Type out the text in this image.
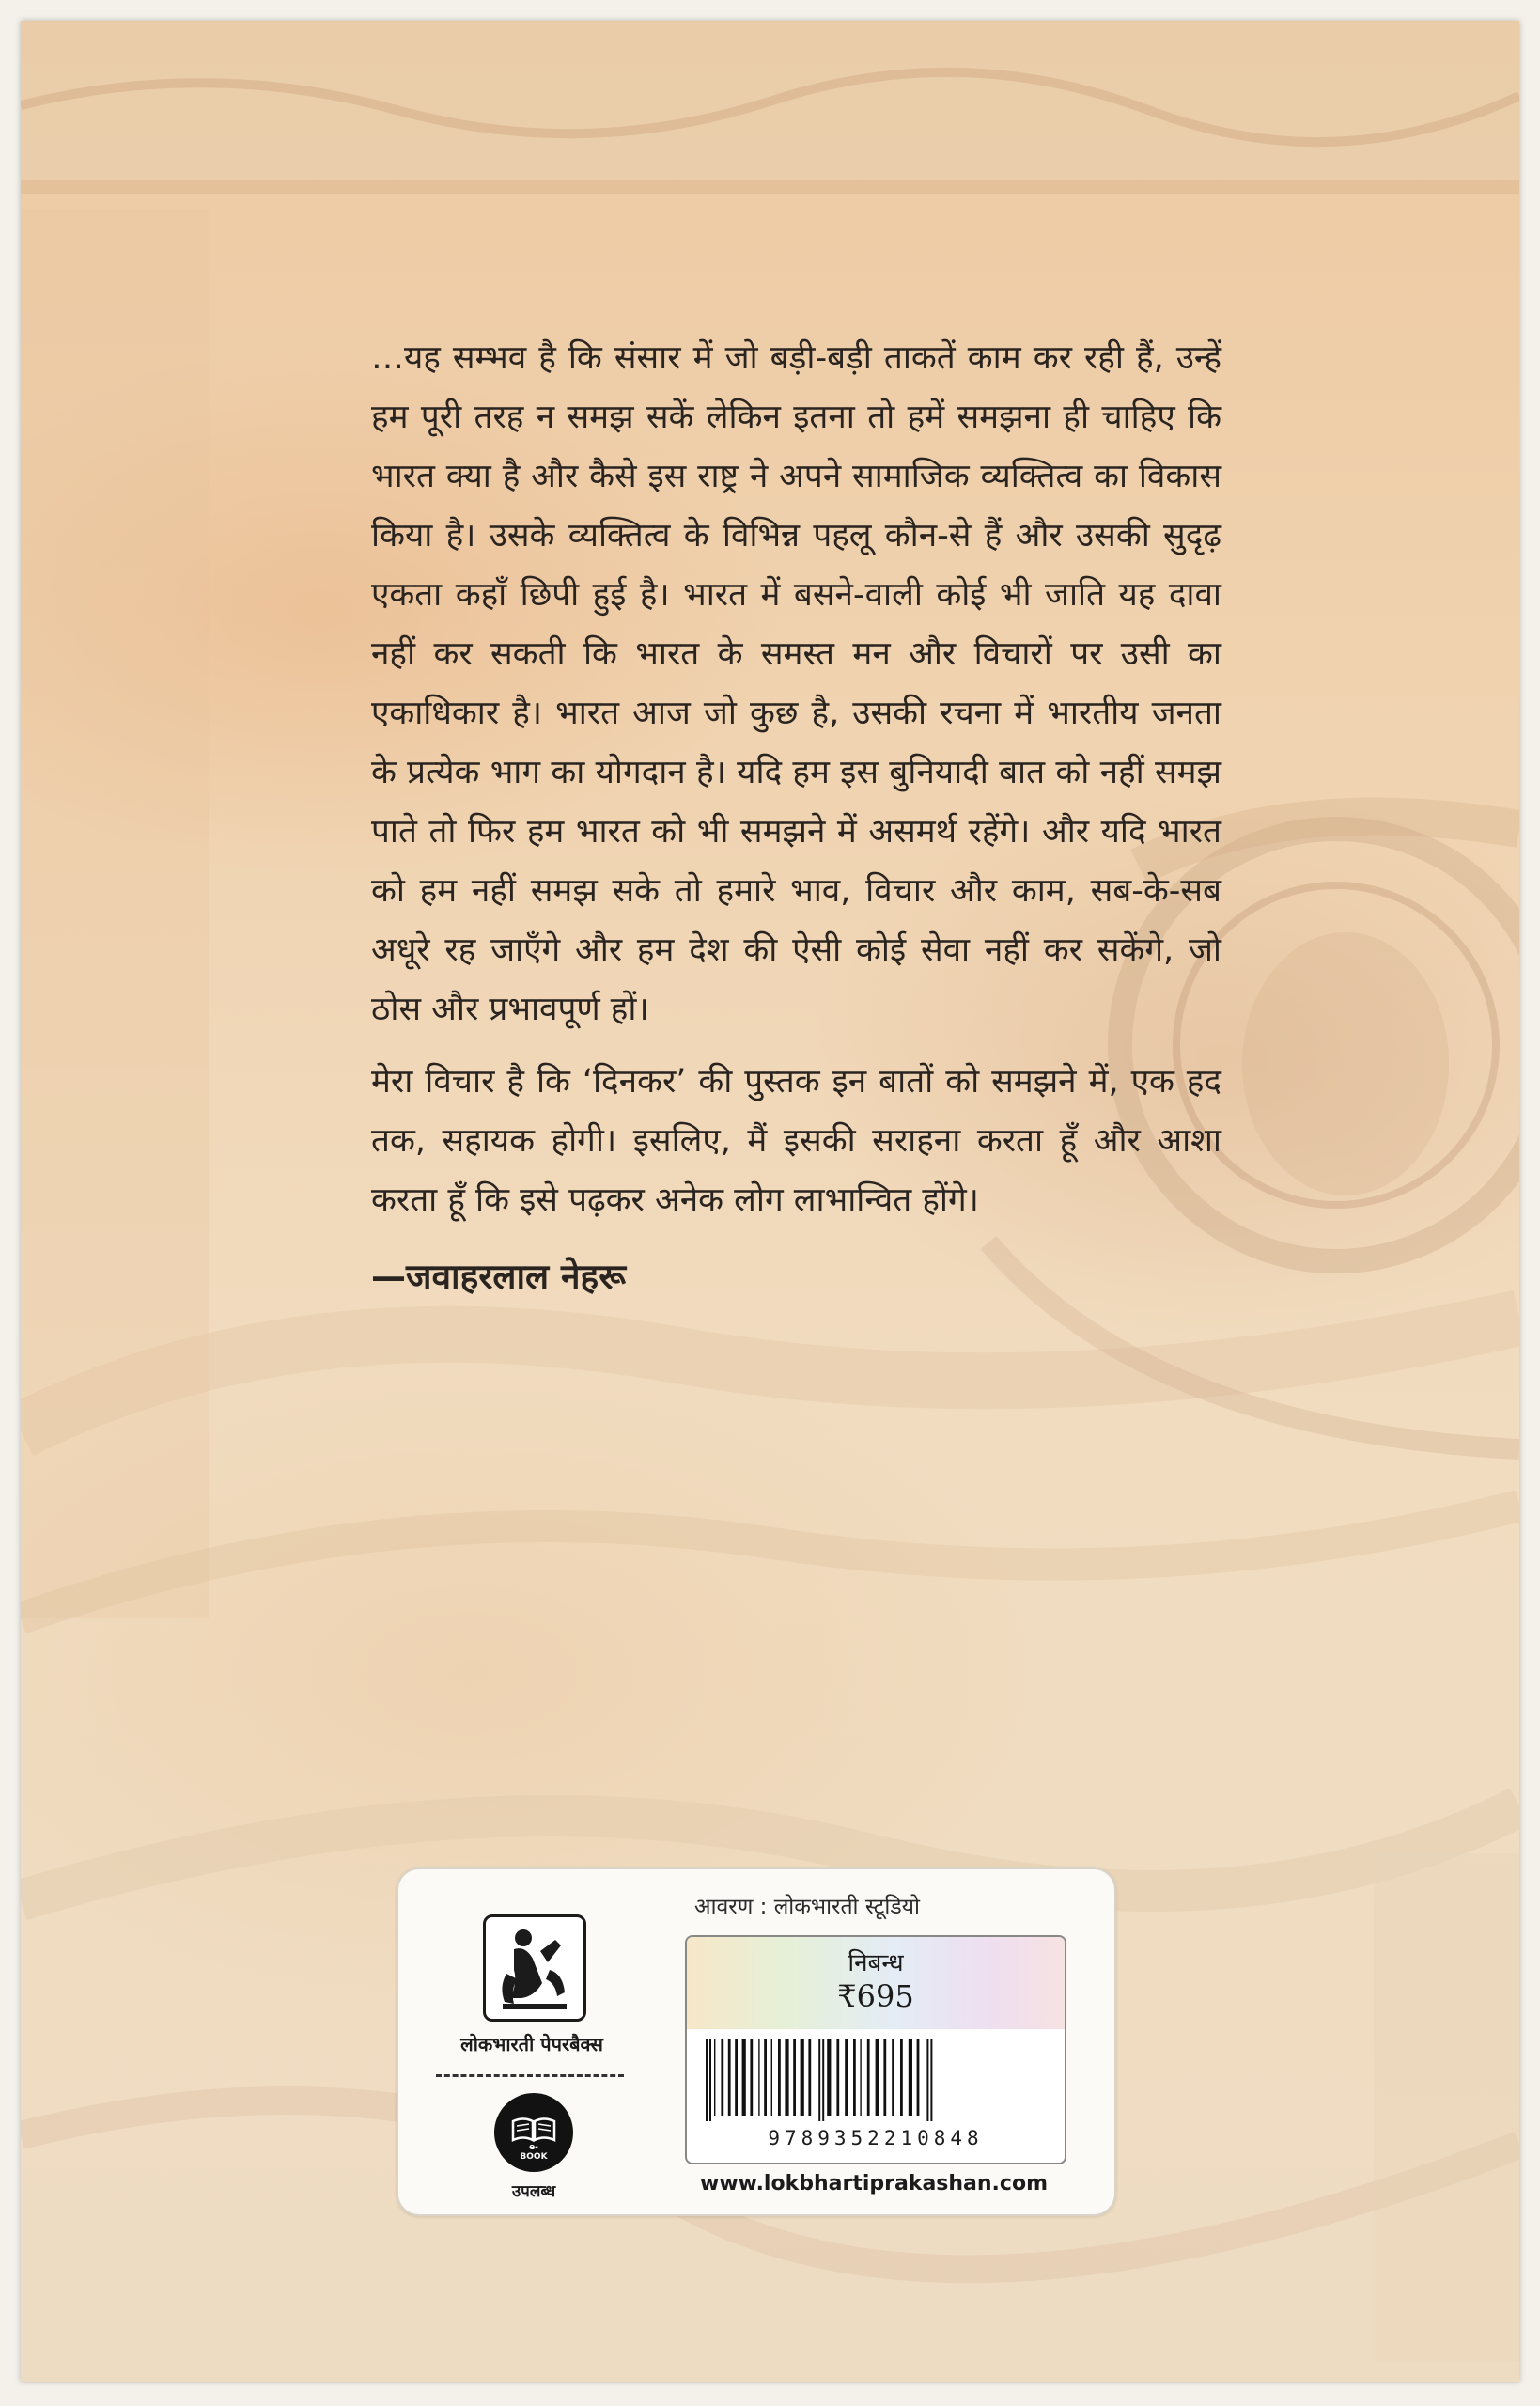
…यह सम्भव है कि संसार में जो बड़ी-बड़ी ताकतें काम कर रही हैं, उन्हें हम पूरी तरह न समझ सकें लेकिन इतना तो हमें समझना ही चाहिए कि भारत क्या है और कैसे इस राष्ट्र ने अपने सामाजिक व्यक्तित्व का विकास किया है। उसके व्यक्तित्व के विभिन्न पहलू कौन-से हैं और उसकी सुदृढ़ एकता कहाँ छिपी हुई है। भारत में बसने-वाली कोई भी जाति यह दावा नहीं कर सकती कि भारत के समस्त मन और विचारों पर उसी का एकाधिकार है। भारत आज जो कुछ है, उसकी रचना में भारतीय जनता के प्रत्येक भाग का योगदान है। यदि हम इस बुनियादी बात को नहीं समझ पाते तो फिर हम भारत को भी समझने में असमर्थ रहेंगे। और यदि भारत को हम नहीं समझ सके तो हमारे भाव, विचार और काम, सब-के-सब अधूरे रह जाएँगे और हम देश की ऐसी कोई सेवा नहीं कर सकेंगे, जो ठोस और प्रभावपूर्ण हों।

मेरा विचार है कि ‘दिनकर’ की पुस्तक इन बातों को समझने में, एक हद तक, सहायक होगी। इसलिए, मैं इसकी सराहना करता हूँ और आशा करता हूँ कि इसे पढ़कर अनेक लोग लाभान्वित होंगे।

—जवाहरलाल नेहरू
लोकभारती पेपरबैक्स
e-BOOK
उपलब्ध
आवरण : लोकभारती स्टूडियो
निबन्ध
₹695
9789352210848
www.lokbhartiprakashan.com
